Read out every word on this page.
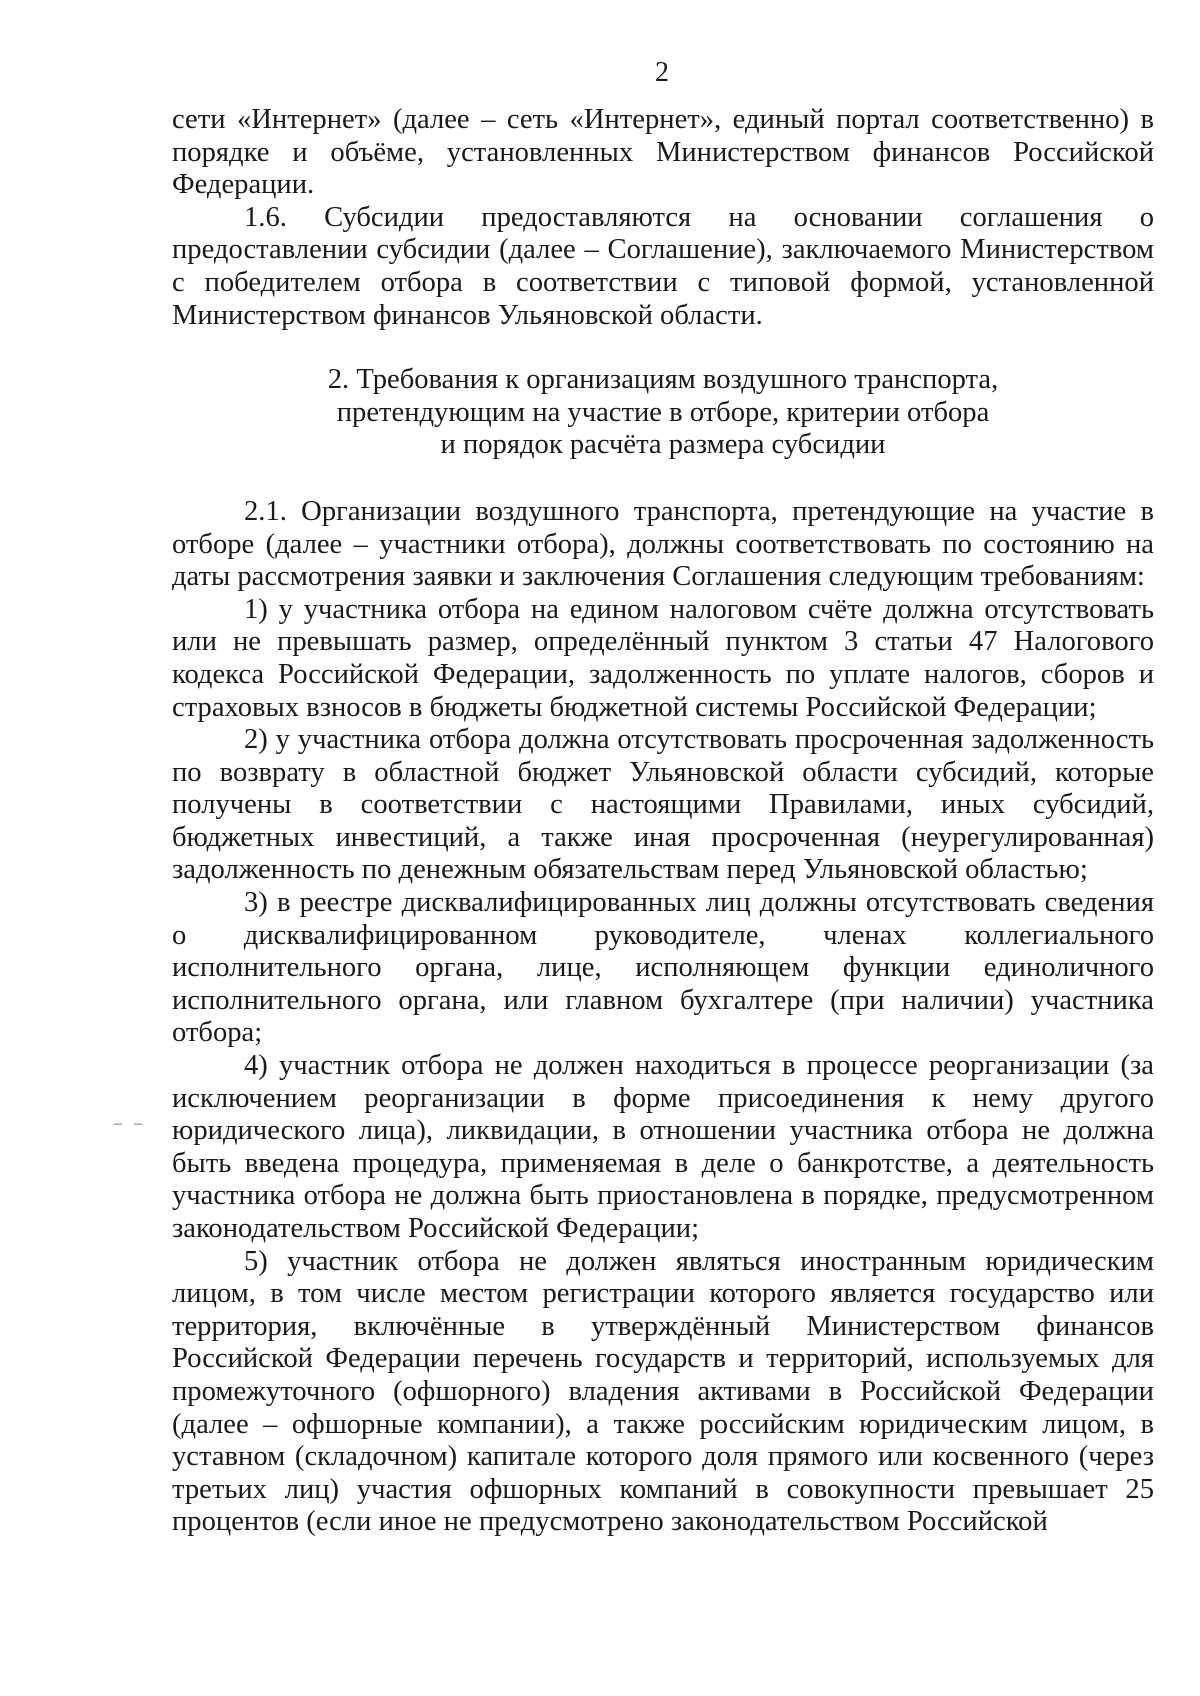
2
– –

сети «Интернет» (далее – сеть «Интернет», единый портал соответственно) в порядке и объёме, установленных Министерством финансов Российской Федерации.

1.6. Субсидии предоставляются на основании соглашения о предоставлении субсидии (далее – Соглашение), заключаемого Министерством с победителем отбора в соответствии с типовой формой, установленной Министерством финансов Ульяновской области.

2. Требования к организациям воздушного транспорта,
претендующим на участие в отборе, критерии отбора
и порядок расчёта размера субсидии

2.1. Организации воздушного транспорта, претендующие на участие в отборе (далее – участники отбора), должны соответствовать по состоянию на даты рассмотрения заявки и заключения Соглашения следующим требованиям:

1) у участника отбора на едином налоговом счёте должна отсутствовать или не превышать размер, определённый пунктом 3 статьи 47 Налогового кодекса Российской Федерации, задолженность по уплате налогов, сборов и страховых взносов в бюджеты бюджетной системы Российской Федерации;

2) у участника отбора должна отсутствовать просроченная задолженность по возврату в областной бюджет Ульяновской области субсидий, которые получены в соответствии с настоящими Правилами, иных субсидий, бюджетных инвестиций, а также иная просроченная (неурегулированная) задолженность по денежным обязательствам перед Ульяновской областью;

3) в реестре дисквалифицированных лиц должны отсутствовать сведения о дисквалифицированном руководителе, членах коллегиального исполнительного органа, лице, исполняющем функции единоличного исполнительного органа, или главном бухгалтере (при наличии) участника отбора;

4) участник отбора не должен находиться в процессе реорганизации (за исключением реорганизации в форме присоединения к нему другого юридического лица), ликвидации, в отношении участника отбора не должна быть введена процедура, применяемая в деле о банкротстве, а деятельность участника отбора не должна быть приостановлена в порядке, предусмотренном законодательством Российской Федерации;

5) участник отбора не должен являться иностранным юридическим лицом, в том числе местом регистрации которого является государство или территория, включённые в утверждённый Министерством финансов Российской Федерации перечень государств и территорий, используемых для промежуточного (офшорного) владения активами в Российской Федерации (далее – офшорные компании), а также российским юридическим лицом, в уставном (складочном) капитале которого доля прямого или косвенного (через третьих лиц) участия офшорных компаний в совокупности превышает 25 процентов (если иное не предусмотрено законодательством Российской
